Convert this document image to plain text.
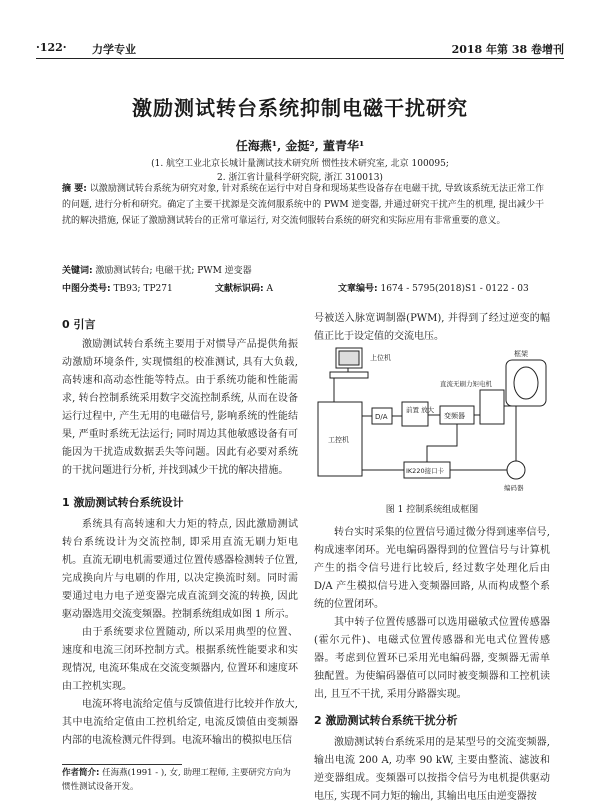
·122· 力学专业	2018 年第 38 卷增刊
激励测试转台系统抑制电磁干扰研究
任海燕¹, 金挺², 董青华¹
(1. 航空工业北京长城计量测试技术研究所 惯性技术研究室, 北京 100095;
2. 浙江省计量科学研究院, 浙江 310013)
摘 要: 以激励测试转台系统为研究对象, 针对系统在运行中对自身和现场某些设备存在电磁干扰, 导致该系统无法正常工作的问题, 进行分析和研究。确定了主要干扰源是交流伺服系统中的 PWM 逆变器, 并通过研究干扰产生的机理, 提出减少干扰的解决措施, 保证了激励测试转台的正常可靠运行, 对交流伺服转台系统的研究和实际应用有非常重要的意义。
关键词: 激励测试转台; 电磁干扰; PWM 逆变器
中图分类号: TB93; TP271	文献标识码: A	文章编号: 1674 - 5795(2018)S1 - 0122 - 03
0 引言

激励测试转台系统主要用于对惯导产品提供角振动激励环境条件, 实现惯组的校准测试, 具有大负载, 高转速和高动态性能等特点。由于系统功能和性能需求, 转台控制系统采用数字交流控制系统, 从而在设备运行过程中, 产生无用的电磁信号, 影响系统的性能结果, 严重时系统无法运行; 同时周边其他敏感设备有可能因为干扰造成数据丢失等问题。因此有必要对系统的干扰问题进行分析, 并找到减少干扰的解决措施。

1 激励测试转台系统设计

系统具有高转速和大力矩的特点, 因此激励测试转台系统设计为交流控制, 即采用直流无刷力矩电机。直流无刷电机需要通过位置传感器检测转子位置, 完成换向片与电刷的作用, 以决定换流时刻。同时需要通过电力电子逆变器完成直流到交流的转换, 因此驱动器选用交流变频器。控制系统组成如图 1 所示。

由于系统要求位置随动, 所以采用典型的位置、速度和电流三闭环控制方式。根据系统性能要求和实现情况, 电流环集成在交流变频器内, 位置环和速度环由工控机实现。

电流环将电流给定值与反馈值进行比较并作放大, 其中电流给定值由工控机给定, 电流反馈值由变频器内部的电流检测元件得到。电流环输出的模拟电压信

作者简介: 任海燕(1991 - ), 女, 助理工程师, 主要研究方向为惯性测试设备开发。

号被送入脉宽调制器(PWM), 并得到了经过逆变的幅值正比于设定值的交流电压。

上位机
工控机
D/A
前置 放大
变频器
直流无刷力矩电机
框架
IK220接口卡
编码器
图 1 控制系统组成框图

转台实时采集的位置信号通过微分得到速率信号, 构成速率闭环。光电编码器得到的位置信号与计算机产生的指令信号进行比较后, 经过数字处理化后由 D/A 产生模拟信号进入变频器回路, 从而构成整个系统的位置闭环。

其中转子位置传感器可以选用磁敏式位置传感器(霍尔元件)、电磁式位置传感器和光电式位置传感器。考虑到位置环已采用光电编码器, 变频器无需单独配置。为使编码器值可以同时被变频器和工控机读出, 且互不干扰, 采用分路器实现。

2 激励测试转台系统干扰分析

激励测试转台系统采用的是某型号的交流变频器, 输出电流 200 A, 功率 90 kW, 主要由整流、滤波和逆变器组成。变频器可以按指令信号为电机提供驱动电压, 实现不同力矩的输出, 其输出电压由逆变器按
